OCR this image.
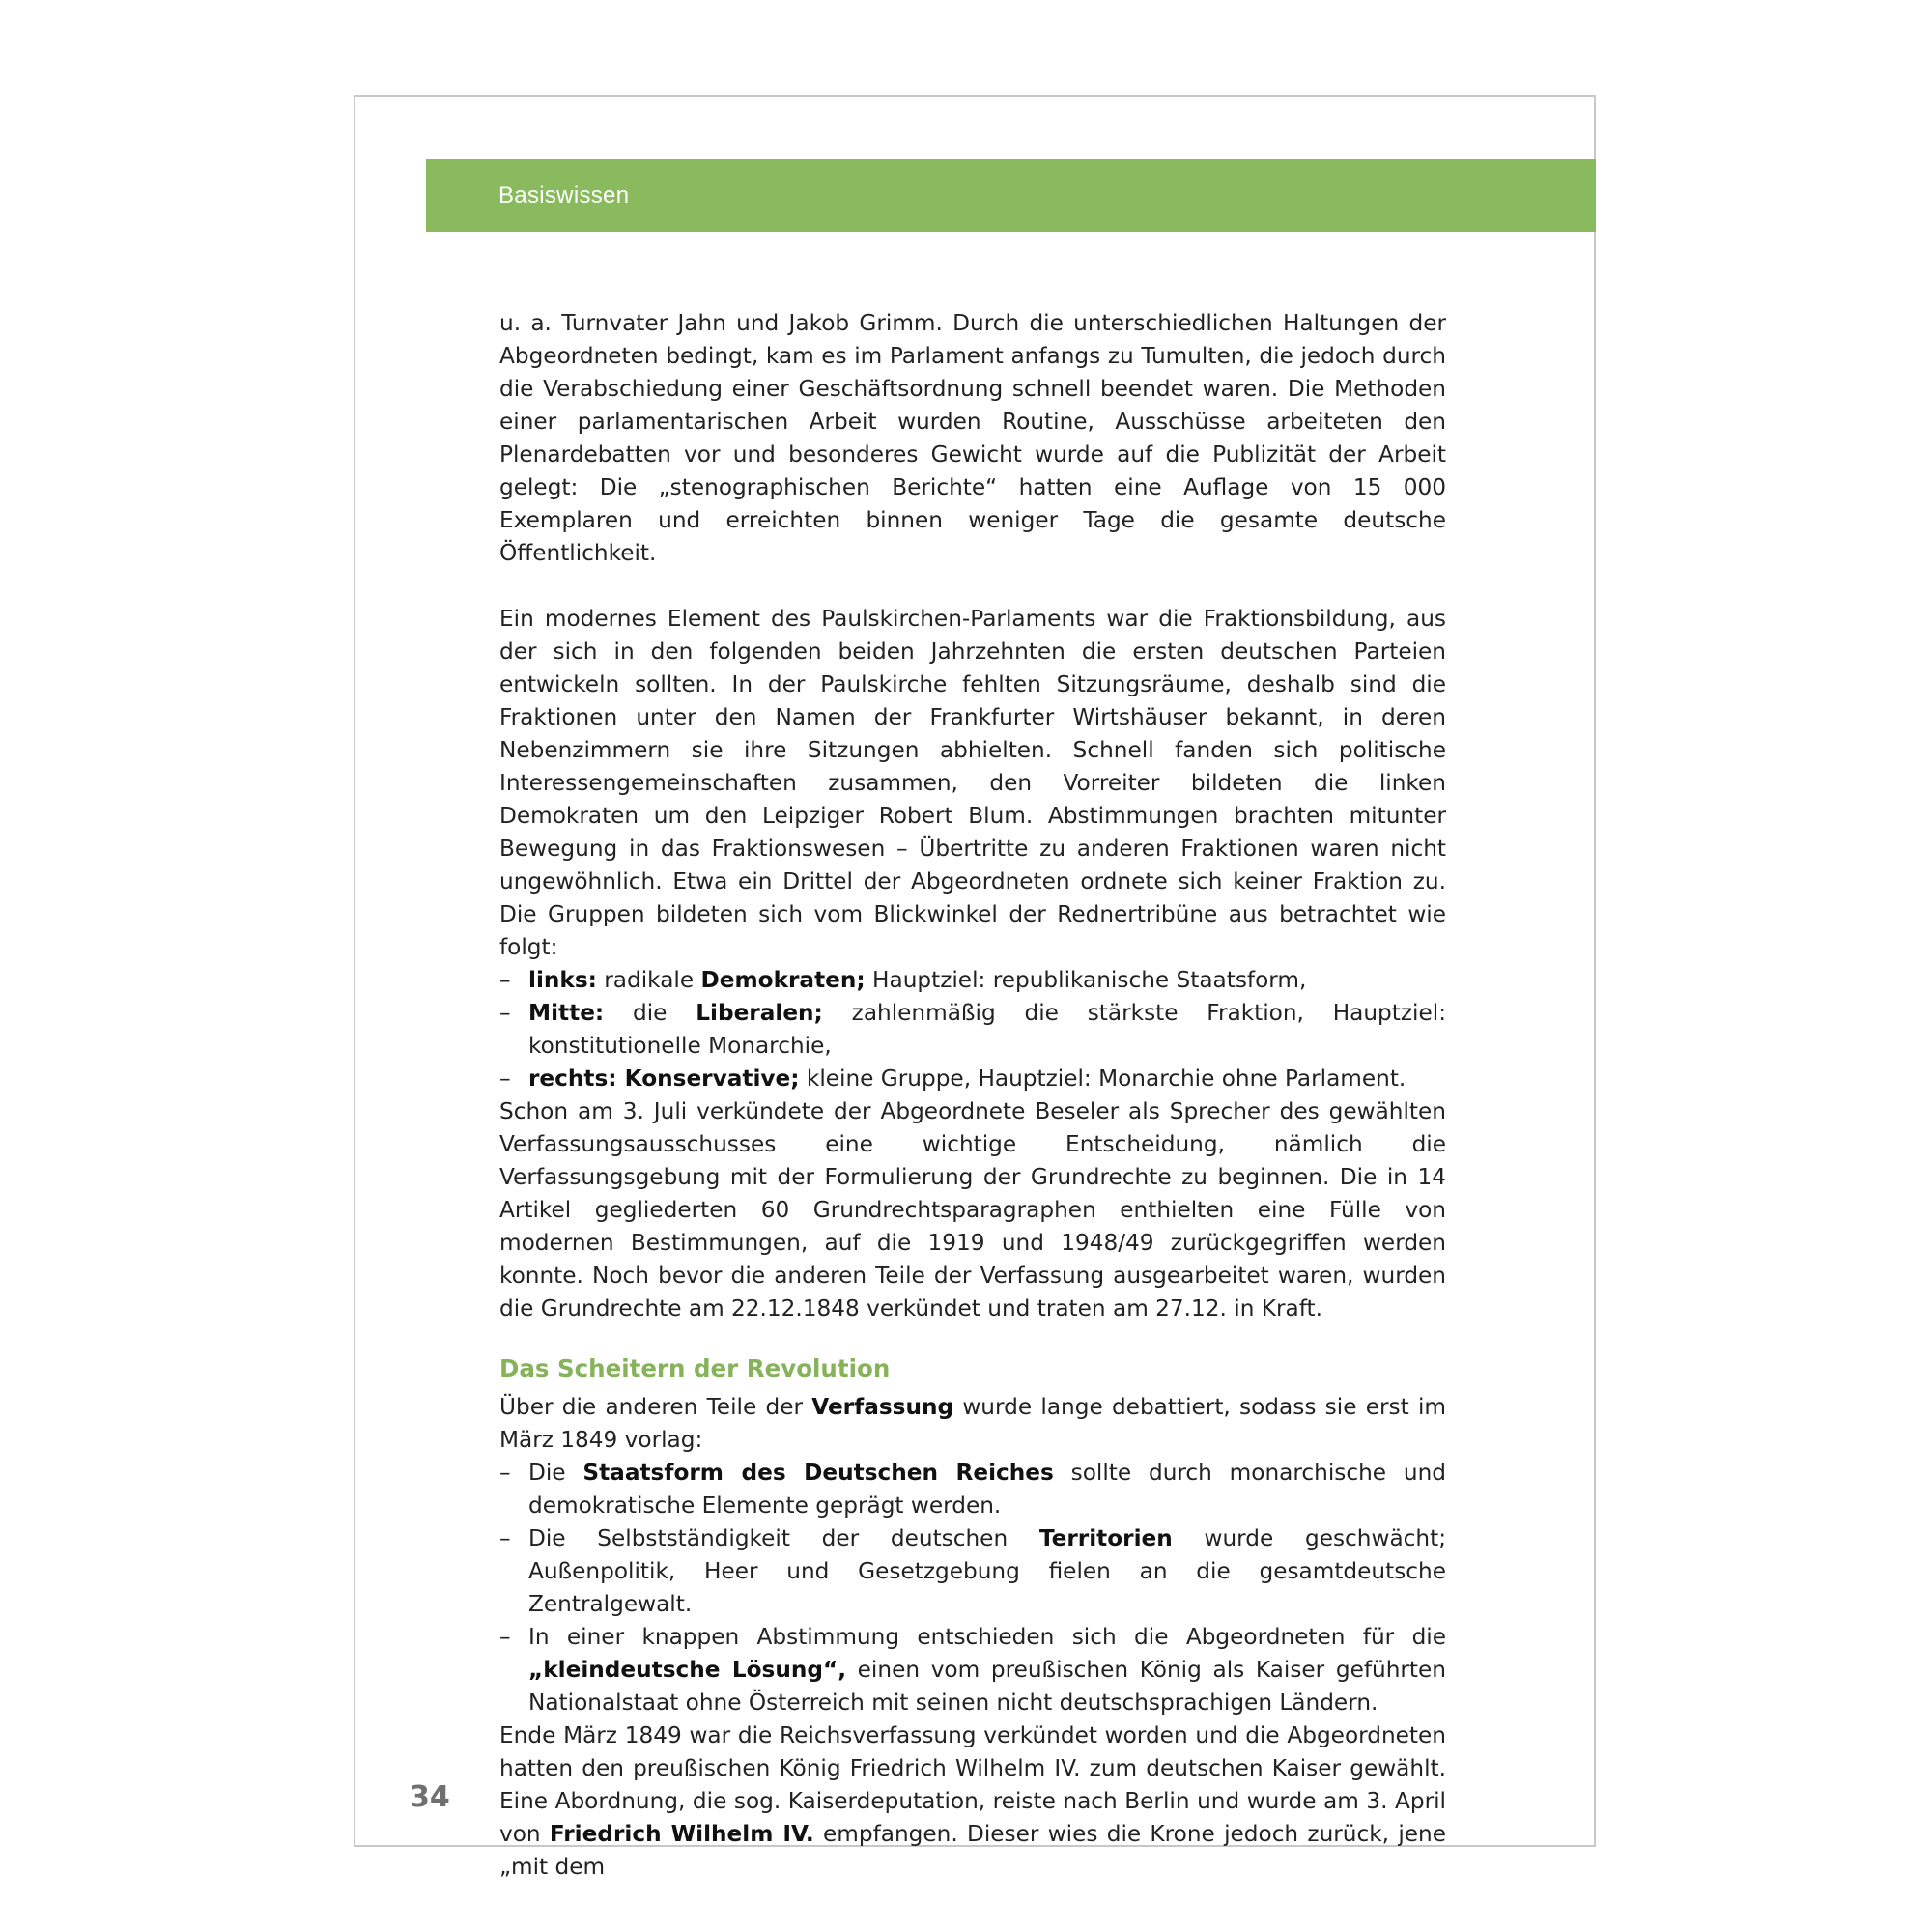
Basiswissen

u. a. Turnvater Jahn und Jakob Grimm. Durch die unterschiedlichen Haltungen der Abgeordneten bedingt, kam es im Parlament anfangs zu Tumulten, die jedoch durch die Verabschiedung einer Geschäftsordnung schnell beendet waren. Die Methoden einer parlamentarischen Arbeit wurden Routine, Ausschüsse arbeiteten den Plenardebatten vor und besonderes Gewicht wurde auf die Publizität der Arbeit gelegt: Die „stenographischen Berichte“ hatten eine Auflage von 15 000 Exemplaren und erreichten binnen weniger Tage die gesamte deutsche Öffentlichkeit.

Ein modernes Element des Paulskirchen-Parlaments war die Fraktionsbildung, aus der sich in den folgenden beiden Jahrzehnten die ersten deutschen Parteien entwickeln sollten. In der Paulskirche fehlten Sitzungsräume, deshalb sind die Fraktionen unter den Namen der Frankfurter Wirtshäuser bekannt, in deren Nebenzimmern sie ihre Sitzungen abhielten. Schnell fanden sich politische Interessengemeinschaften zusammen, den Vorreiter bildeten die linken Demokraten um den Leipziger Robert Blum. Abstimmungen brachten mitunter Bewegung in das Fraktionswesen – Übertritte zu anderen Fraktionen waren nicht ungewöhnlich. Etwa ein Drittel der Abgeordneten ordnete sich keiner Fraktion zu. Die Gruppen bildeten sich vom Blickwinkel der Rednertribüne aus betrachtet wie folgt:

– links: radikale Demokraten; Hauptziel: republikanische Staatsform,
– Mitte: die Liberalen; zahlenmäßig die stärkste Fraktion, Hauptziel: konstitutionelle Monarchie,
– rechts: Konservative; kleine Gruppe, Hauptziel: Monarchie ohne Parlament.

Schon am 3. Juli verkündete der Abgeordnete Beseler als Sprecher des gewählten Verfassungsausschusses eine wichtige Entscheidung, nämlich die Verfassungsgebung mit der Formulierung der Grundrechte zu beginnen. Die in 14 Artikel gegliederten 60 Grundrechtsparagraphen enthielten eine Fülle von modernen Bestimmungen, auf die 1919 und 1948/49 zurückgegriffen werden konnte. Noch bevor die anderen Teile der Verfassung ausgearbeitet waren, wurden die Grundrechte am 22.12.1848 verkündet und traten am 27.12. in Kraft.

Das Scheitern der Revolution

Über die anderen Teile der Verfassung wurde lange debattiert, sodass sie erst im März 1849 vorlag:

– Die Staatsform des Deutschen Reiches sollte durch monarchische und demokratische Elemente geprägt werden.
– Die Selbstständigkeit der deutschen Territorien wurde geschwächt; Außenpolitik, Heer und Gesetzgebung fielen an die gesamtdeutsche Zentralgewalt.
– In einer knappen Abstimmung entschieden sich die Abgeordneten für die „kleindeutsche Lösung“, einen vom preußischen König als Kaiser geführten Nationalstaat ohne Österreich mit seinen nicht deutschsprachigen Ländern.

Ende März 1849 war die Reichsverfassung verkündet worden und die Abgeordneten hatten den preußischen König Friedrich Wilhelm IV. zum deutschen Kaiser gewählt. Eine Abordnung, die sog. Kaiserdeputation, reiste nach Berlin und wurde am 3. April von Friedrich Wilhelm IV. empfangen. Dieser wies die Krone jedoch zurück, jene „mit dem

34
